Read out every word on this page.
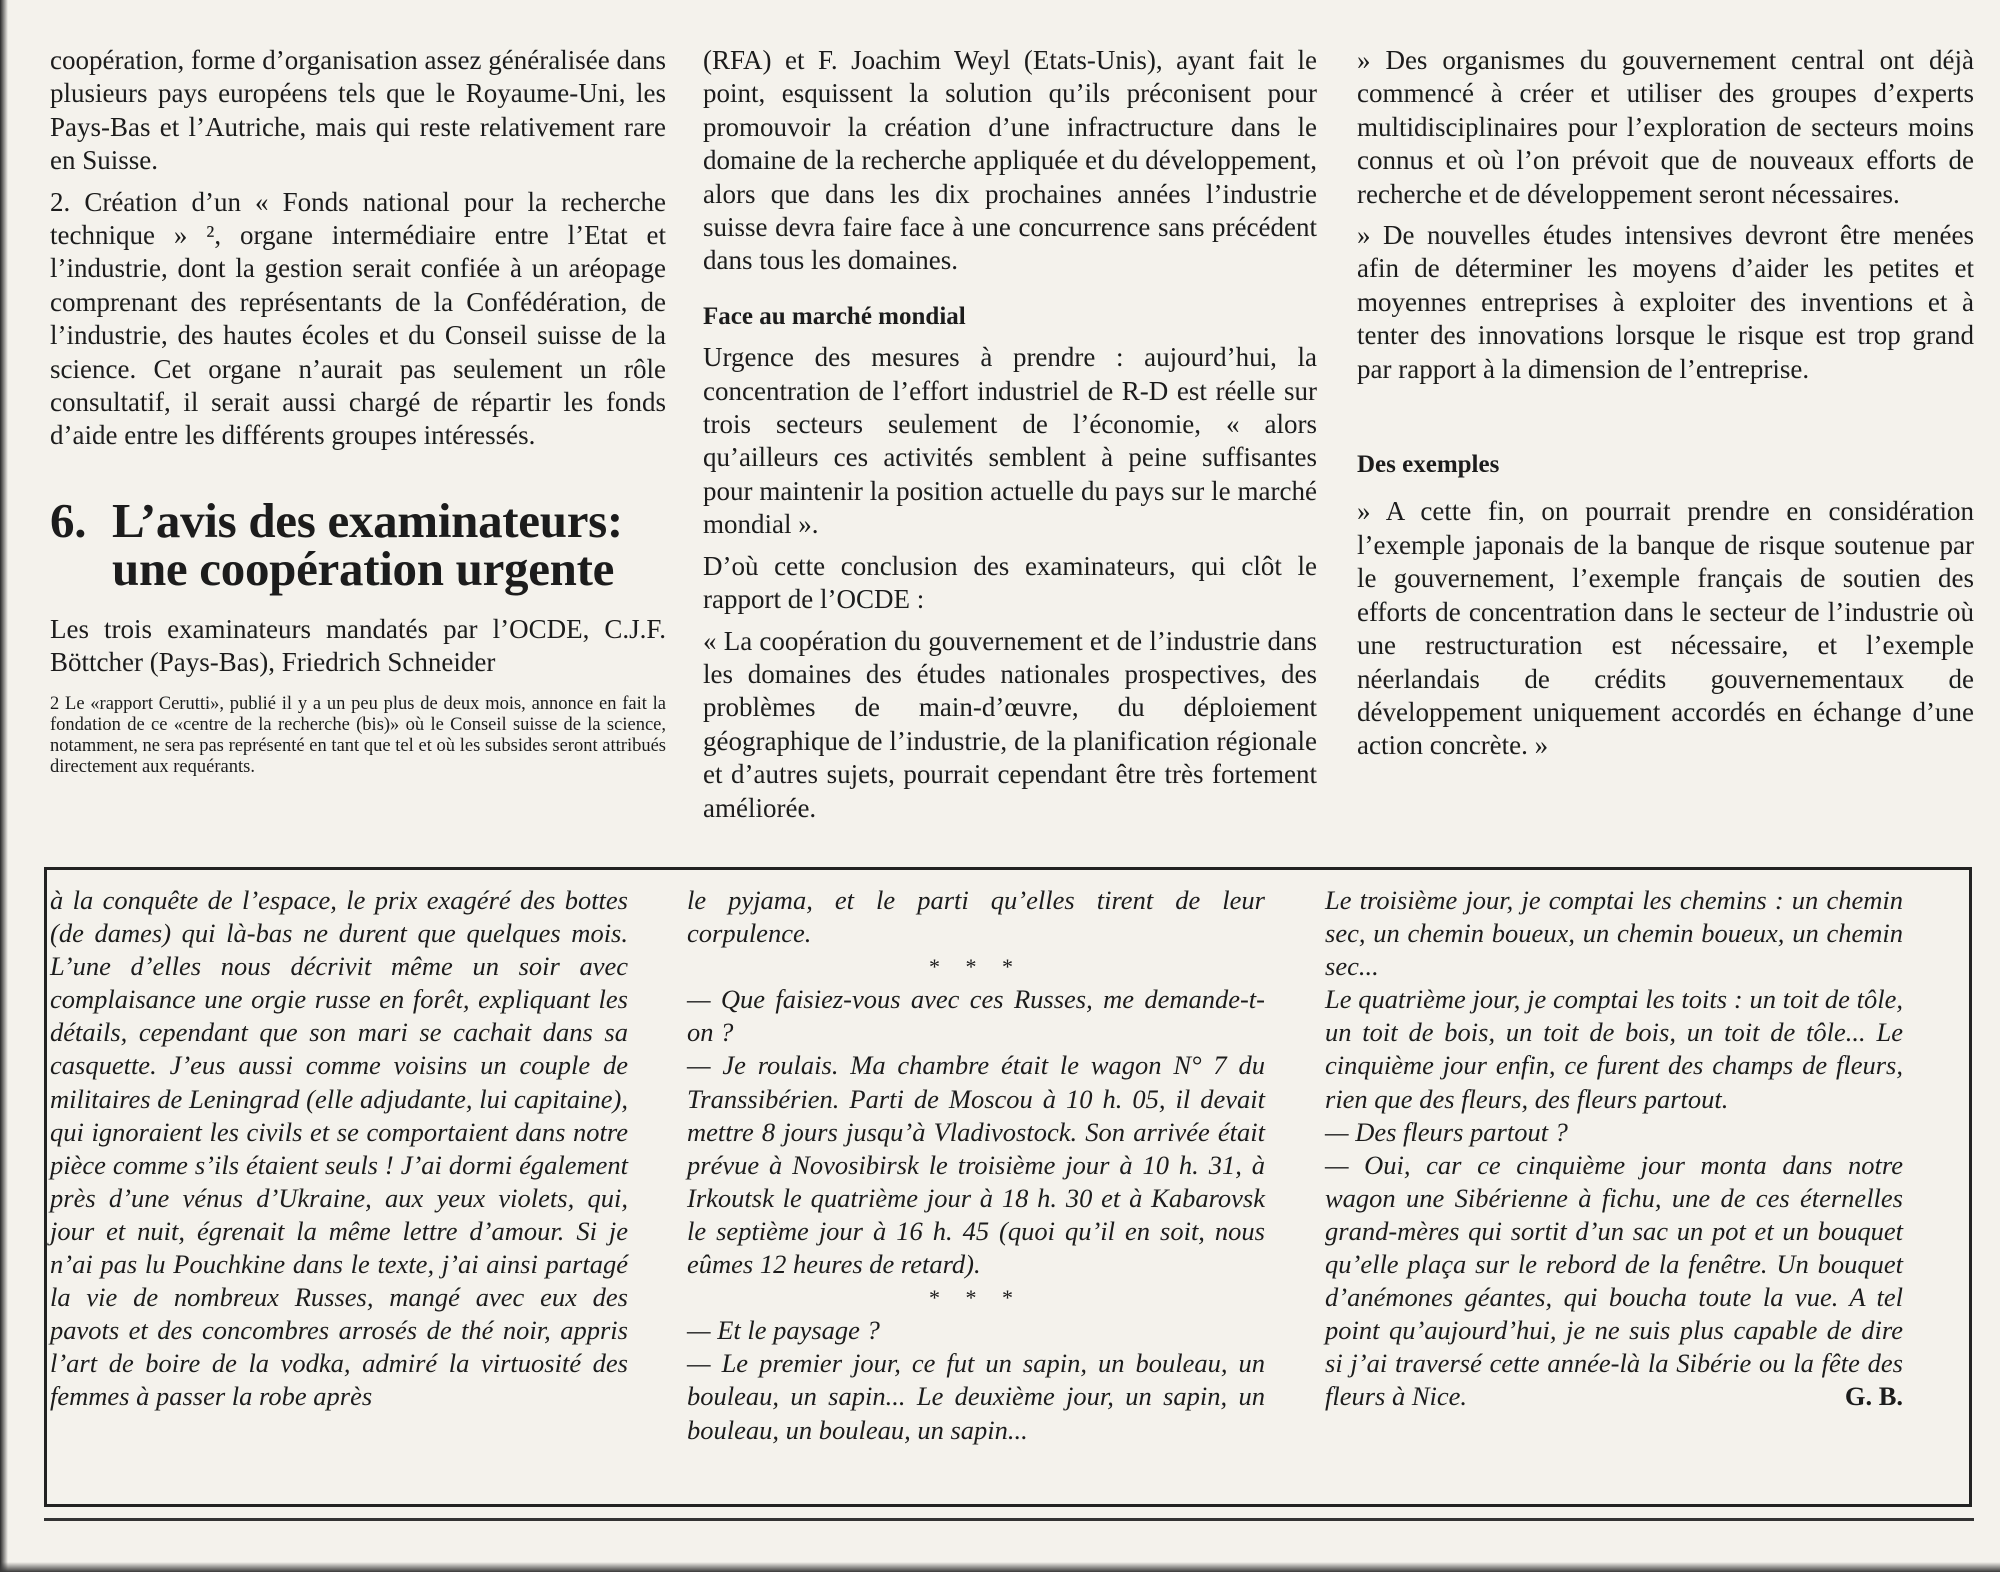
coopération, forme d’organisation assez généralisée dans plusieurs pays européens tels que le Royaume-Uni, les Pays-Bas et l’Autriche, mais qui reste relativement rare en Suisse.

2. Création d’un « Fonds national pour la recherche technique » ², organe intermédiaire entre l’Etat et l’industrie, dont la gestion serait confiée à un aréopage comprenant des représentants de la Confédération, de l’industrie, des hautes écoles et du Conseil suisse de la science. Cet organe n’aurait pas seulement un rôle consultatif, il serait aussi chargé de répartir les fonds d’aide entre les différents groupes intéressés.

6. L’avis des examinateurs:
une coopération urgente

Les trois examinateurs mandatés par l’OCDE, C.J.F. Böttcher (Pays-Bas), Friedrich Schneider

2 Le «rapport Cerutti», publié il y a un peu plus de deux mois, annonce en fait la fondation de ce «centre de la recherche (bis)» où le Conseil suisse de la science, notamment, ne sera pas représenté en tant que tel et où les subsides seront attribués directement aux requérants.

(RFA) et F. Joachim Weyl (Etats-Unis), ayant fait le point, esquissent la solution qu’ils préconisent pour promouvoir la création d’une infractructure dans le domaine de la recherche appliquée et du développement, alors que dans les dix prochaines années l’industrie suisse devra faire face à une concurrence sans précédent dans tous les domaines.

Face au marché mondial

Urgence des mesures à prendre : aujourd’hui, la concentration de l’effort industriel de R-D est réelle sur trois secteurs seulement de l’économie, « alors qu’ailleurs ces activités semblent à peine suffisantes pour maintenir la position actuelle du pays sur le marché mondial ».

D’où cette conclusion des examinateurs, qui clôt le rapport de l’OCDE :

« La coopération du gouvernement et de l’industrie dans les domaines des études nationales prospectives, des problèmes de main-d’œuvre, du déploiement géographique de l’industrie, de la planification régionale et d’autres sujets, pourrait cependant être très fortement améliorée.

» Des organismes du gouvernement central ont déjà commencé à créer et utiliser des groupes d’experts multidisciplinaires pour l’exploration de secteurs moins connus et où l’on prévoit que de nouveaux efforts de recherche et de développement seront nécessaires.

» De nouvelles études intensives devront être menées afin de déterminer les moyens d’aider les petites et moyennes entreprises à exploiter des inventions et à tenter des innovations lorsque le risque est trop grand par rapport à la dimension de l’entreprise.

Des exemples

» A cette fin, on pourrait prendre en considération l’exemple japonais de la banque de risque soutenue par le gouvernement, l’exemple français de soutien des efforts de concentration dans le secteur de l’industrie où une restructuration est nécessaire, et l’exemple néerlandais de crédits gouvernementaux de développement uniquement accordés en échange d’une action concrète. »

à la conquête de l’espace, le prix exagéré des bottes (de dames) qui là-bas ne durent que quelques mois. L’une d’elles nous décrivit même un soir avec complaisance une orgie russe en forêt, expliquant les détails, cependant que son mari se cachait dans sa casquette. J’eus aussi comme voisins un couple de militaires de Leningrad (elle adjudante, lui capitaine), qui ignoraient les civils et se comportaient dans notre pièce comme s’ils étaient seuls ! J’ai dormi également près d’une vénus d’Ukraine, aux yeux violets, qui, jour et nuit, égrenait la même lettre d’amour. Si je n’ai pas lu Pouchkine dans le texte, j’ai ainsi partagé la vie de nombreux Russes, mangé avec eux des pavots et des concombres arrosés de thé noir, appris l’art de boire de la vodka, admiré la virtuosité des femmes à passer la robe après

le pyjama, et le parti qu’elles tirent de leur corpulence.

* * *

— Que faisiez-vous avec ces Russes, me demande-t-on ?

— Je roulais. Ma chambre était le wagon N° 7 du Transsibérien. Parti de Moscou à 10 h. 05, il devait mettre 8 jours jusqu’à Vladivostock. Son arrivée était prévue à Novosibirsk le troisième jour à 10 h. 31, à Irkoutsk le quatrième jour à 18 h. 30 et à Kabarovsk le septième jour à 16 h. 45 (quoi qu’il en soit, nous eûmes 12 heures de retard).

* * *

— Et le paysage ?

— Le premier jour, ce fut un sapin, un bouleau, un bouleau, un sapin... Le deuxième jour, un sapin, un bouleau, un bouleau, un sapin...

Le troisième jour, je comptai les chemins : un chemin sec, un chemin boueux, un chemin boueux, un chemin sec...

Le quatrième jour, je comptai les toits : un toit de tôle, un toit de bois, un toit de bois, un toit de tôle... Le cinquième jour enfin, ce furent des champs de fleurs, rien que des fleurs, des fleurs partout.

— Des fleurs partout ?

— Oui, car ce cinquième jour monta dans notre wagon une Sibérienne à fichu, une de ces éternelles grand-mères qui sortit d’un sac un pot et un bouquet qu’elle plaça sur le rebord de la fenêtre. Un bouquet d’anémones géantes, qui boucha toute la vue. A tel point qu’aujourd’hui, je ne suis plus capable de dire si j’ai traversé cette année-là la Sibérie ou la fête des fleurs à Nice.	G. B.
